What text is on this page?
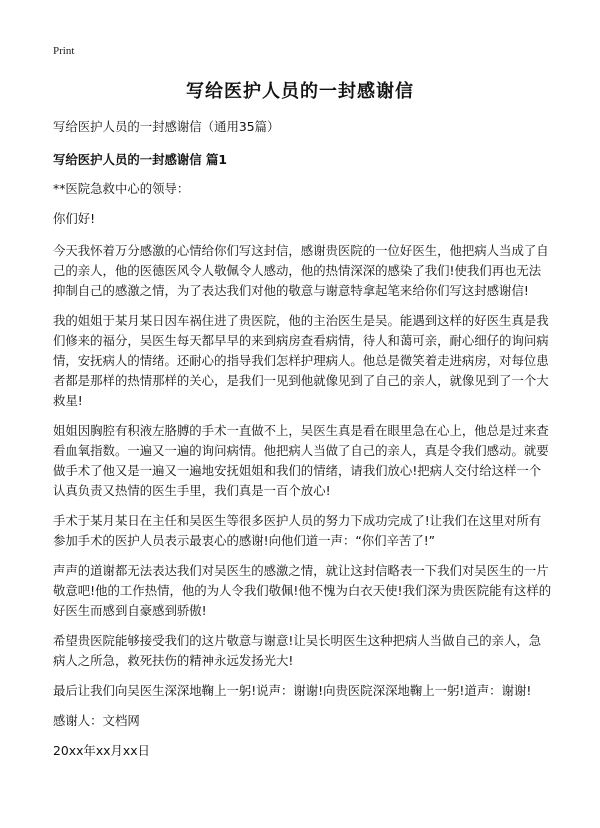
Print
写给医护人员的一封感谢信

写给医护人员的一封感谢信（通用35篇）

写给医护人员的一封感谢信 篇1

**医院急救中心的领导：

你们好!

今天我怀着万分感激的心情给你们写这封信，感谢贵医院的一位好医生，他把病人当成了自己的亲人，他的医德医风令人敬佩令人感动，他的热情深深的感染了我们!使我们再也无法抑制自己的感激之情，为了表达我们对他的敬意与谢意特拿起笔来给你们写这封感谢信!

我的姐姐于某月某日因车祸住进了贵医院，他的主治医生是吴。能遇到这样的好医生真是我们修来的福分，吴医生每天都早早的来到病房查看病情，待人和蔼可亲，耐心细仔的询问病情，安抚病人的情绪。还耐心的指导我们怎样护理病人。他总是微笑着走进病房，对每位患者都是那样的热情那样的关心，是我们一见到他就像见到了自己的亲人，就像见到了一个大救星!

姐姐因胸腔有积液左胳膊的手术一直做不上，吴医生真是看在眼里急在心上，他总是过来查看血氧指数。一遍又一遍的询问病情。他把病人当做了自己的亲人，真是令我们感动。就要做手术了他又是一遍又一遍地安抚姐姐和我们的情绪，请我们放心!把病人交付给这样一个认真负责又热情的医生手里，我们真是一百个放心!

手术于某月某日在主任和吴医生等很多医护人员的努力下成功完成了!让我们在这里对所有参加手术的医护人员表示最衷心的感谢!向他们道一声：“你们辛苦了!”

声声的道谢都无法表达我们对吴医生的感激之情，就让这封信略表一下我们对吴医生的一片敬意吧!他的工作热情，他的为人令我们敬佩!他不愧为白衣天使!我们深为贵医院能有这样的好医生而感到自豪感到骄傲!

希望贵医院能够接受我们的这片敬意与谢意!让吴长明医生这种把病人当做自己的亲人，急病人之所急，救死扶伤的精神永远发扬光大!

最后让我们向吴医生深深地鞠上一躬!说声：谢谢!向贵医院深深地鞠上一躬!道声：谢谢!

感谢人：文档网

20xx年xx月xx日
